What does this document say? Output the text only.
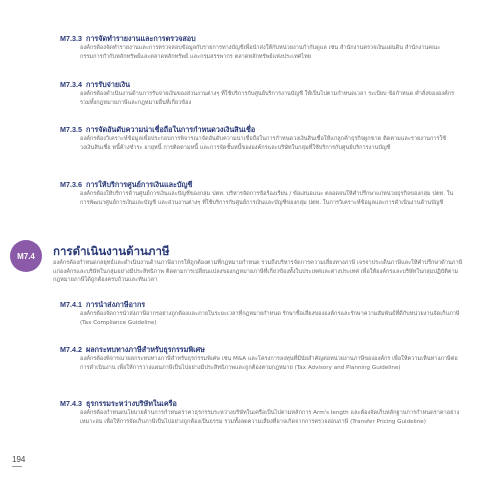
M7.3.3 การจัดทำรายงานและการตรวจสอบ

องค์กรต้องจัดทำรายงานและการตรวจสอบข้อมูลกับรายการทางบัญชีเพื่อนำส่งให้กับหน่วยงานกำกับดูแล เช่น สำนักงานตรวจเงินแผ่นดิน สำนักงานคณะกรรมการกำกับหลักทรัพย์และตลาดหลักทรัพย์ และกรมสรรพากร ตลาดหลักทรัพย์แห่งประเทศไทย

M7.3.4 การรับจ่ายเงิน

องค์กรต้องดำเนินงานด้านการรับจ่ายเงินของส่วนงานต่างๆ ที่ใช้บริการกับศูนย์บริการงานบัญชี ให้เป็นไปตามกำหนดเวลา ระเบียบ ข้อกำหนด คำสั่งขององค์กร รวมทั้งกฎหมายภาษีและกฎหมายอื่นที่เกี่ยวข้อง

M7.3.5 การจัดอันดับความน่าเชื่อถือในการกำหนดวงเงินสินเชื่อ

องค์กรต้องวิเคราะห์ข้อมูลเพื่อประกอบการพิจารณาจัดอันดับความน่าเชื่อถือในการกำหนดวงเงินสินเชื่อให้แก่ลูกค้าธุรกิจผูกขาด ติดตามและรายงานการใช้วงเงินสินเชื่อ หนี้ค้างชำระ อายุหนี้ การติดตามหนี้ และการจัดชั้นหนี้ขององค์กรและบริษัทในกลุ่มที่ใช้บริการกับศูนย์บริการงานบัญชี

M7.3.6 การให้บริการศูนย์การเงินและบัญชี

องค์กรต้องให้บริการด้านศูนย์การเงินและบัญชีของกลุ่ม ปตท. บริหารจัดการข้อร้องเรียน / ข้อเสนอแนะ ตลอดจนให้คำปรึกษาแก่หน่วยธุรกิจของกลุ่ม ปตท. ในการพัฒนาศูนย์การเงินและบัญชี และส่วนงานต่างๆ ที่ใช้บริการกับศูนย์การเงินและบัญชีของกลุ่ม ปตท. ในการวิเคราะห์ข้อมูลและการดำเนินงานด้านบัญชี

M7.4	การดำเนินงานด้านภาษี

องค์กรต้องกำหนดกลยุทธ์และดำเนินงานด้านภาษีอากรให้ถูกต้องตามที่กฎหมายกำหนด รวมถึงบริหารจัดการความเสี่ยงทางภาษี เจรจาประเด็นภาษีและให้คำปรึกษาด้านภาษีแก่องค์กรและบริษัทในกลุ่มอย่างมีประสิทธิภาพ ติดตามการเปลี่ยนแปลงของกฎหมายภาษีที่เกี่ยวข้องทั้งในประเทศและต่างประเทศ เพื่อให้องค์กรและบริษัทในกลุ่มปฏิบัติตามกฎหมายภาษีได้ถูกต้องครบถ้วนและทันเวลา

M7.4.1 การนำส่งภาษีอากร

องค์กรต้องจัดการนำส่งภาษีอากรอย่างถูกต้องและภายในระยะเวลาที่กฎหมายกำหนด รักษาชื่อเสียงขององค์กรและรักษาความสัมพันธ์ที่ดีกับหน่วยงานจัดเก็บภาษี (Tax Compliance Guideline)

M7.4.2 ผลกระทบทางภาษีสำหรับธุรกรรมพิเศษ

องค์กรต้องพิจารณาผลกระทบทางภาษีสำหรับธุรกรรมพิเศษ เช่น M&A และโครงการลงทุนที่มีนัยสำคัญต่อหน่วยงานภาษีขององค์กร เพื่อให้ความเห็นทางภาษีต่อการดำเนินงาน เพื่อให้การวางแผนภาษีเป็นไปอย่างมีประสิทธิภาพและถูกต้องตามกฎหมาย (Tax Advisory and Planning Guideline)

M7.4.3 ธุรกรรมระหว่างบริษัทในเครือ

องค์กรต้องกำหนดนโยบายด้านการกำหนดราคาธุรกรรมระหว่างบริษัทในเครือเป็นไปตามหลักการ Arm's length และต้องจัดเก็บหลักฐานการกำหนดราคาอย่างเหมาะสม เพื่อให้การจัดเก็บภาษีเป็นไปอย่างถูกต้องเป็นธรรม รวมทั้งลดความเสี่ยงที่อาจเกิดจากการตรวจสอบภาษี (Transfer Pricing Guideline)

194
